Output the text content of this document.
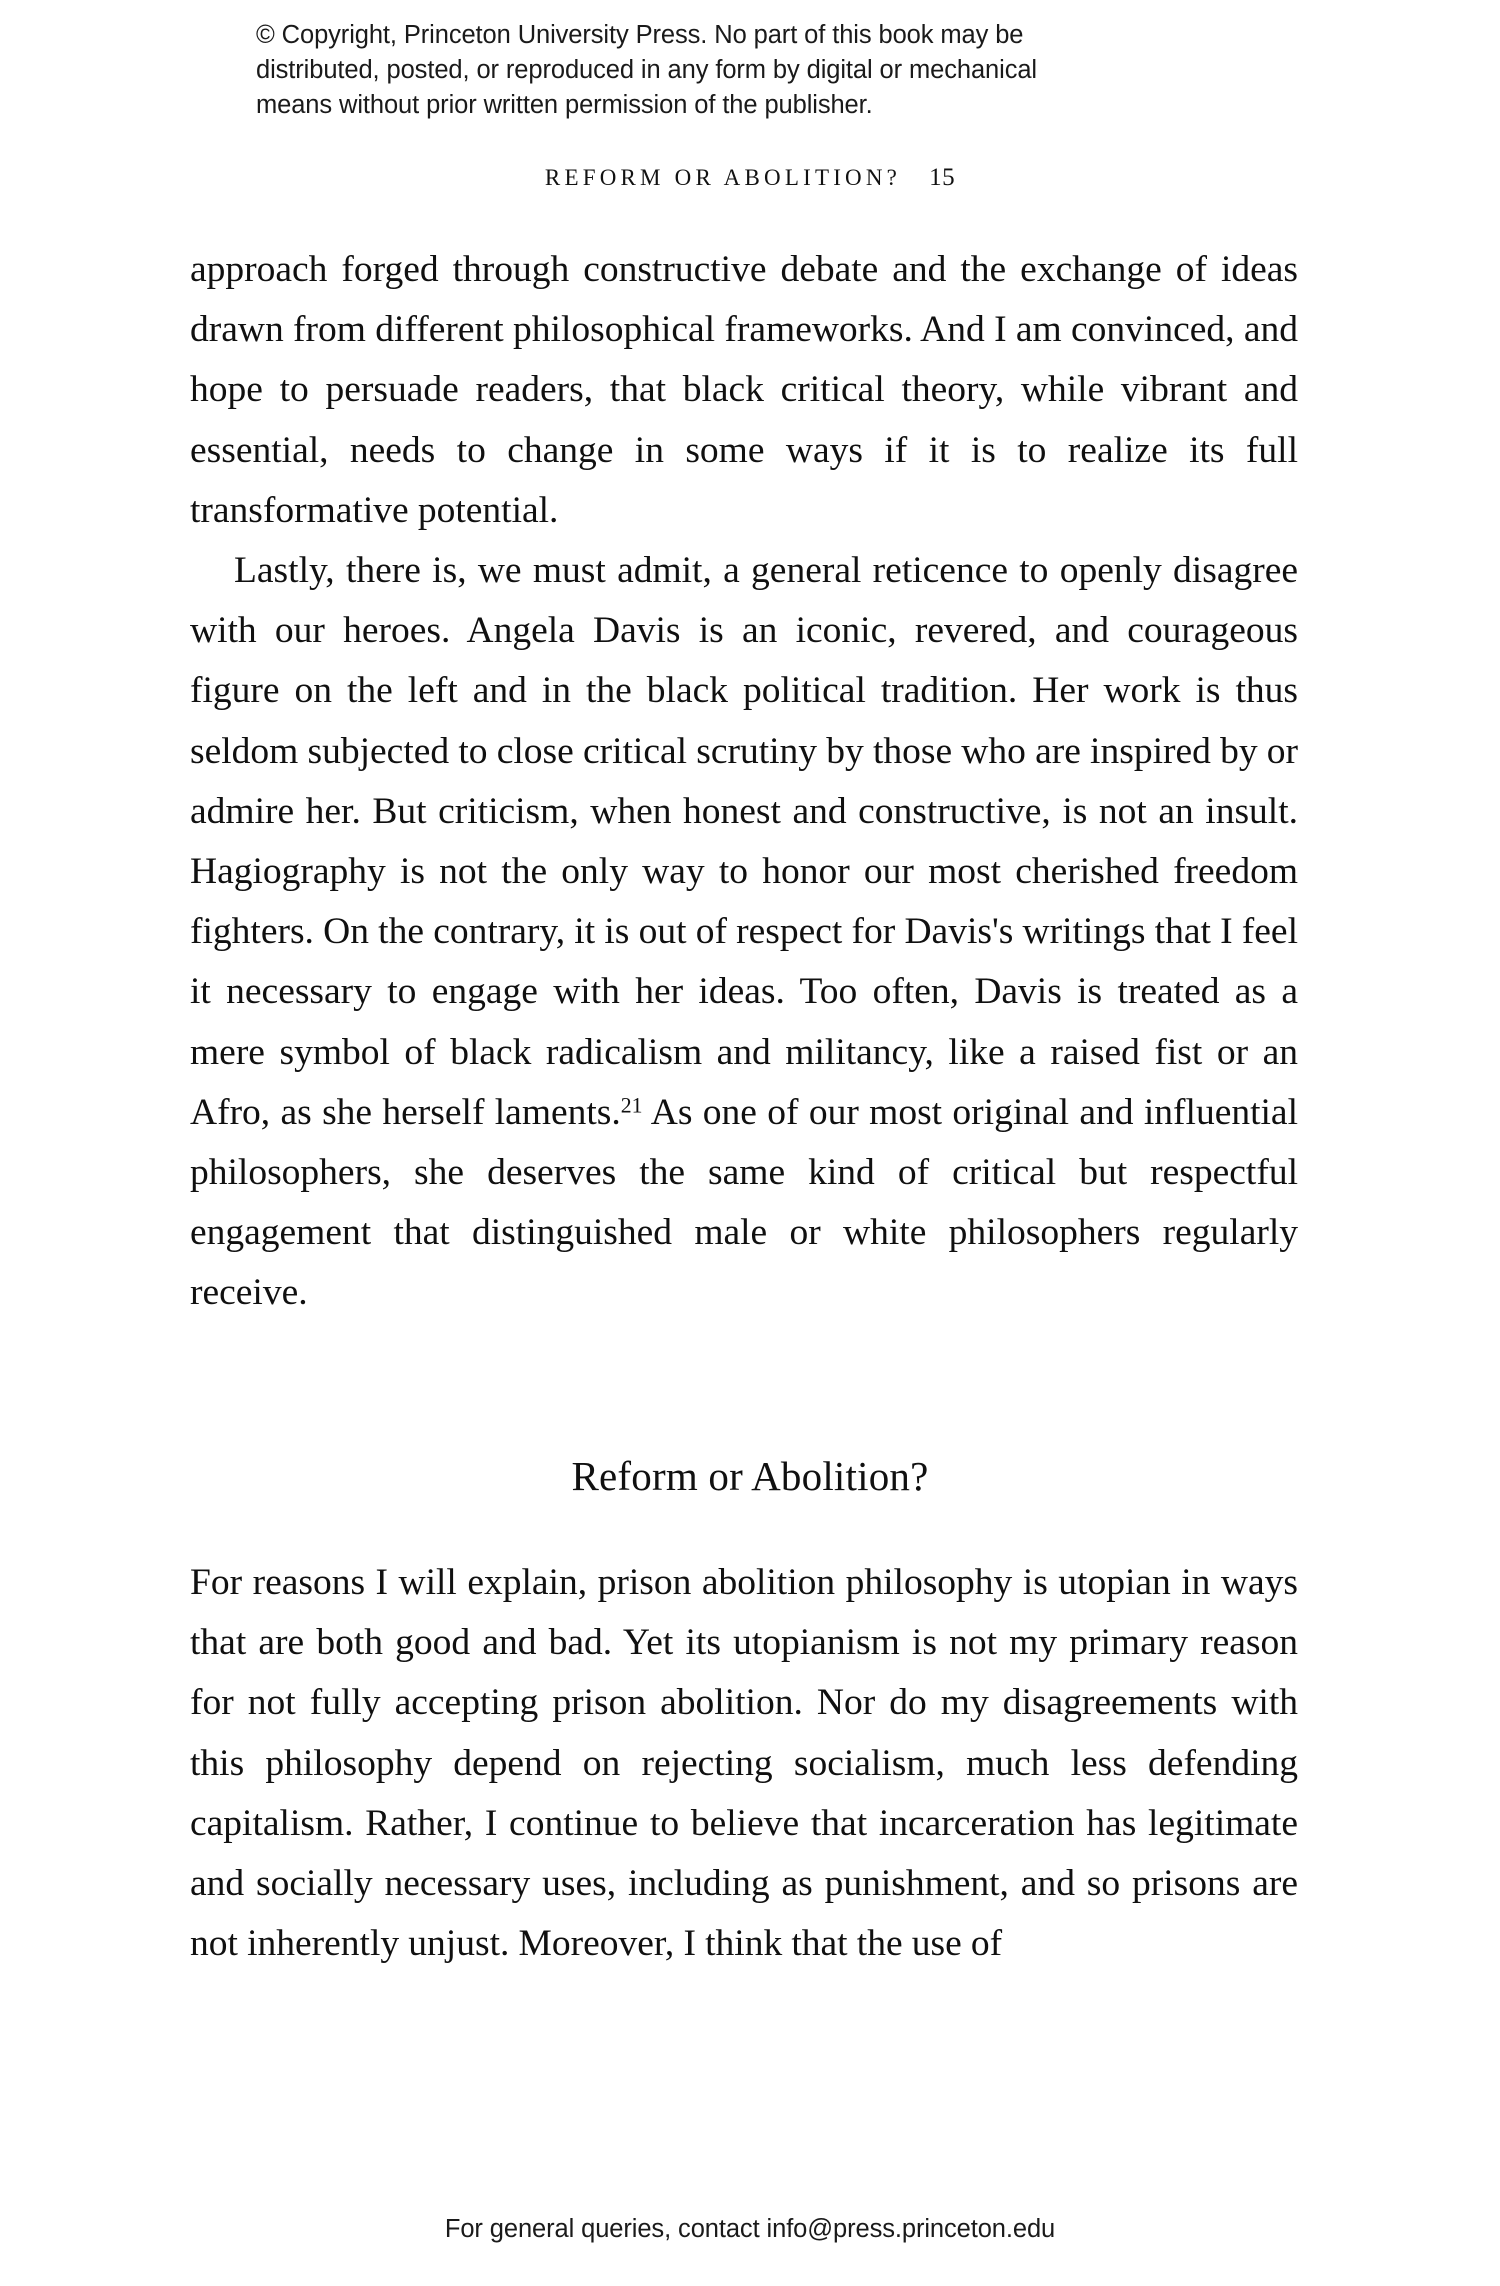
© Copyright, Princeton University Press. No part of this book may be
distributed, posted, or reproduced in any form by digital or mechanical
means without prior written permission of the publisher.
REFORM OR ABOLITION? 15

approach forged through constructive debate and the exchange of ideas drawn from different philosophical frameworks. And I am convinced, and hope to persuade readers, that black critical theory, while vibrant and essential, needs to change in some ways if it is to realize its full transformative potential.

Lastly, there is, we must admit, a general reticence to openly disagree with our heroes. Angela Davis is an iconic, revered, and courageous figure on the left and in the black political tradition. Her work is thus seldom subjected to close critical scrutiny by those who are inspired by or admire her. But criticism, when honest and constructive, is not an insult. Hagiography is not the only way to honor our most cherished freedom fighters. On the contrary, it is out of respect for Davis's writings that I feel it necessary to engage with her ideas. Too often, Davis is treated as a mere symbol of black radicalism and militancy, like a raised fist or an Afro, as she herself laments.$^{21}$ As one of our most original and influential philosophers, she deserves the same kind of critical but respectful engagement that distinguished male or white philosophers regularly receive.

Reform or Abolition?

For reasons I will explain, prison abolition philosophy is utopian in ways that are both good and bad. Yet its utopianism is not my primary reason for not fully accepting prison abolition. Nor do my disagreements with this philosophy depend on rejecting socialism, much less defending capitalism. Rather, I continue to believe that incarceration has legitimate and socially necessary uses, including as punishment, and so prisons are not inherently unjust. Moreover, I think that the use of

For general queries, contact info@press.princeton.edu
